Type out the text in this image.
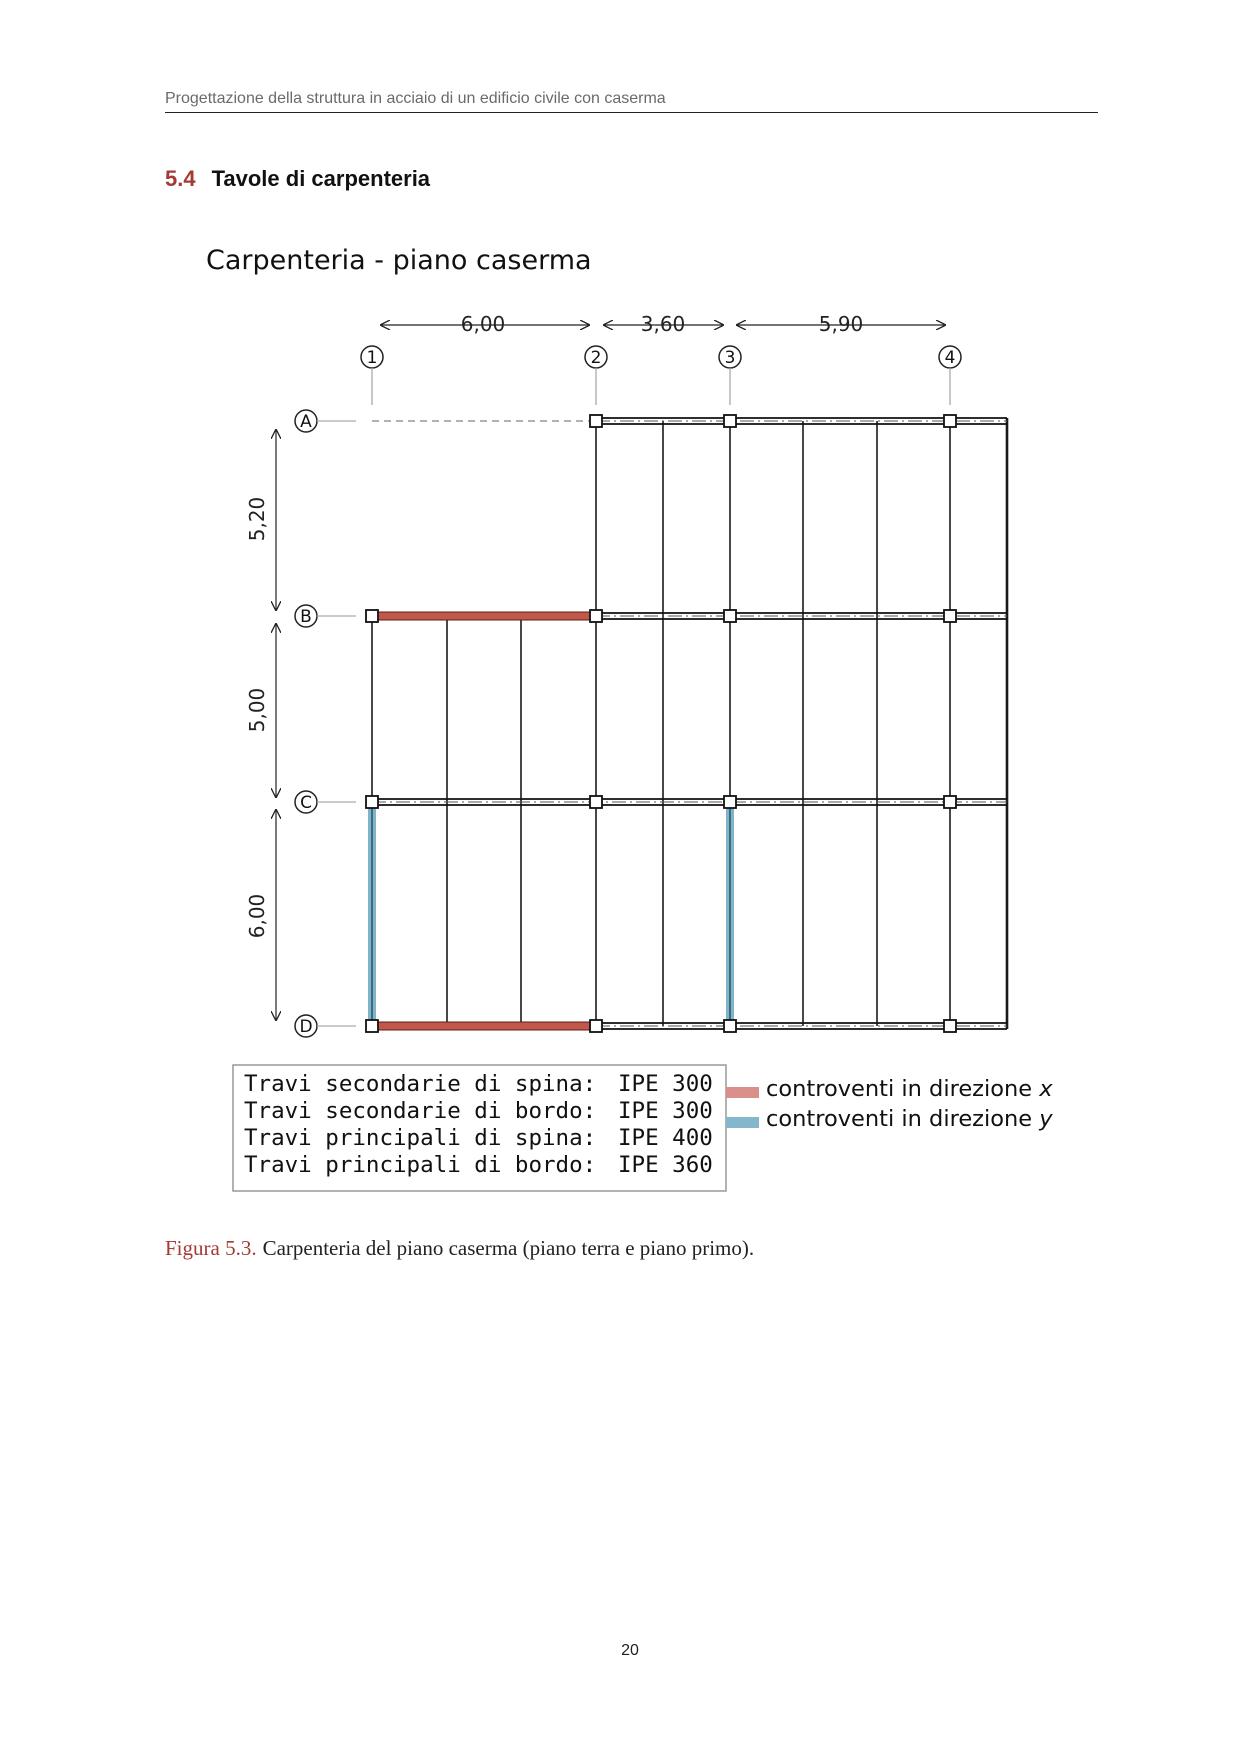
Progettazione della struttura in acciaio di un edificio civile con caserma
5.4 Tavole di carpenteria
Carpenteria - piano caserma
6,00	3,60	5,90
1	2	3	4
A
B
C
D
5,20
5,00
6,00
Travi secondarie di spina: IPE 300
Travi secondarie di bordo: IPE 300
Travi principali di spina: IPE 400
Travi principali di bordo: IPE 360
controventi in direzione x
controventi in direzione y
Figura 5.3. Carpenteria del piano caserma (piano terra e piano primo).
20
